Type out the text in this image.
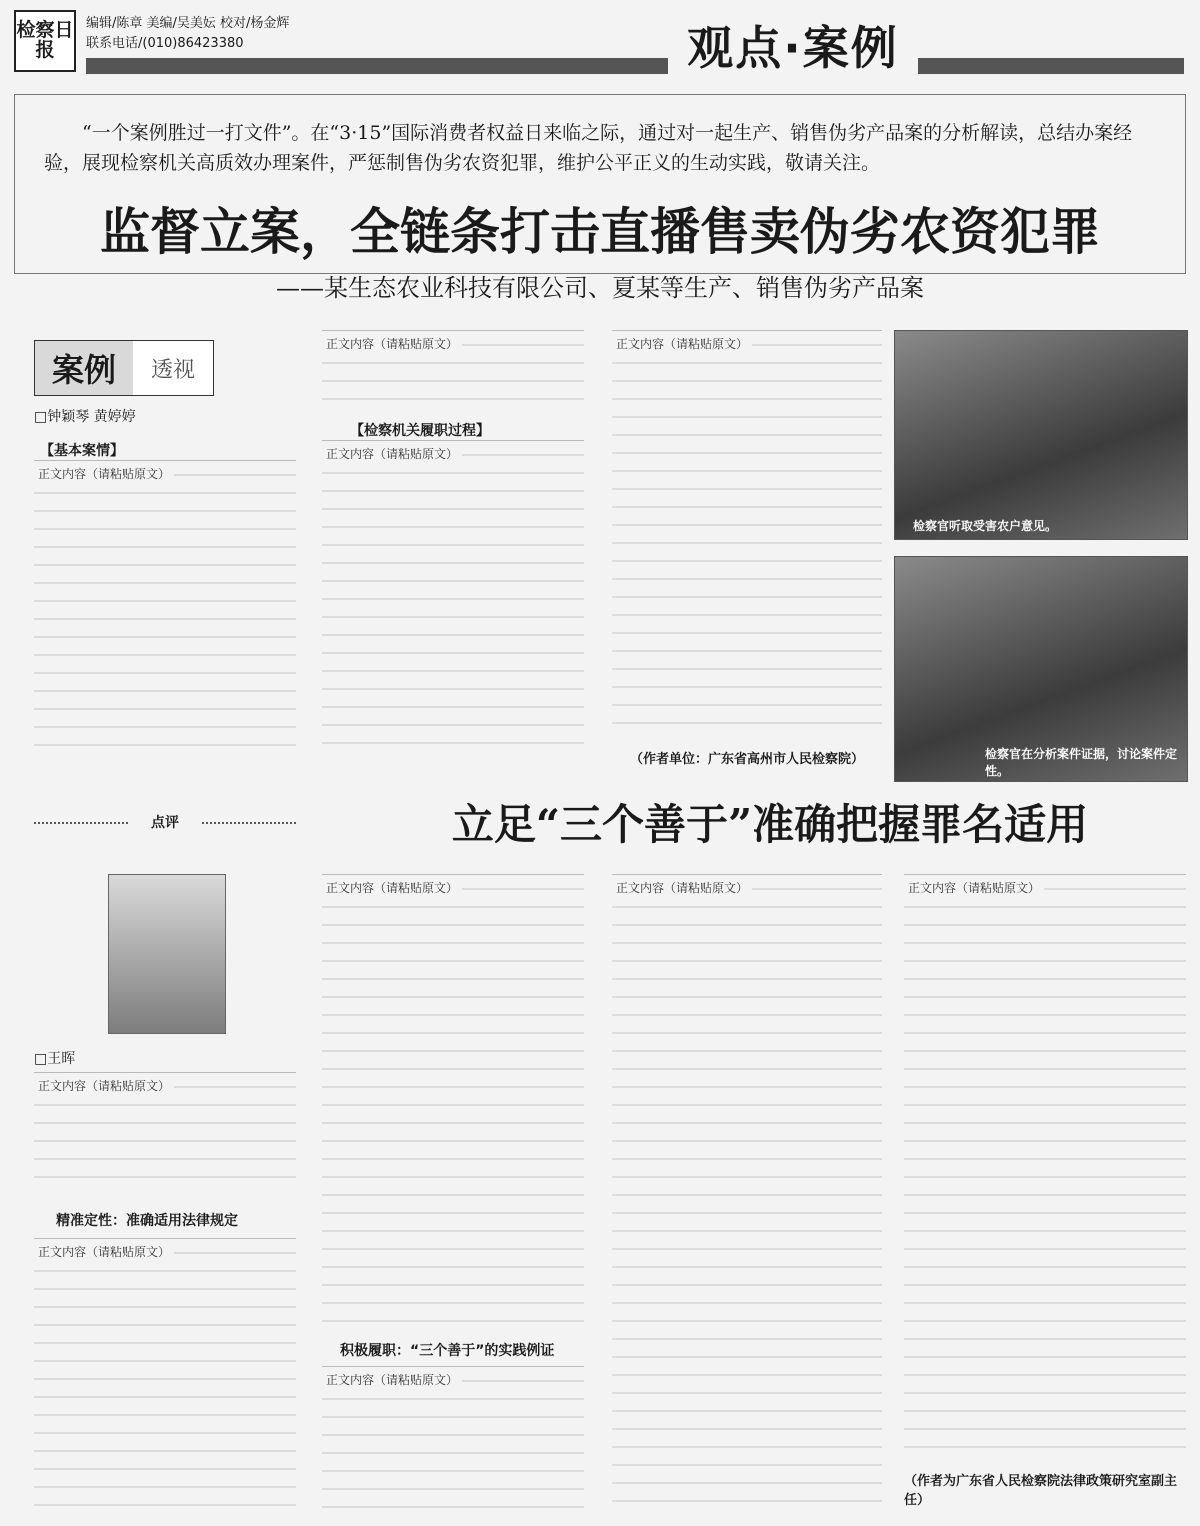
检察日报
编辑/陈章 美编/吴美妘 校对/杨金辉
联系电话/(010)86423380	观点·案例
“一个案例胜过一打文件”。在“3·15”国际消费者权益日来临之际，通过对一起生产、销售伪劣产品案的分析解读，总结办案经验，展现检察机关高质效办理案件，严惩制售伪劣农资犯罪，维护公平正义的生动实践，敬请关注。
监督立案，全链条打击直播售卖伪劣农资犯罪
——某生态农业科技有限公司、夏某等生产、销售伪劣产品案
案例	透视
□钟颖琴 黄婷婷
【基本案情】
正文内容（请粘贴原文）
正文内容（请粘贴原文）
【检察机关履职过程】
正文内容（请粘贴原文）
正文内容（请粘贴原文）
（作者单位：广东省高州市人民检察院）
检察官听取受害农户意见。
检察官在分析案件证据，讨论案件定性。
点评	立足“三个善于”准确把握罪名适用
□王晖
正文内容（请粘贴原文）
精准定性：准确适用法律规定
正文内容（请粘贴原文）
正文内容（请粘贴原文）
积极履职：“三个善于”的实践例证
正文内容（请粘贴原文）
正文内容（请粘贴原文）	正文内容（请粘贴原文）
（作者为广东省人民检察院法律政策研究室副主任）
